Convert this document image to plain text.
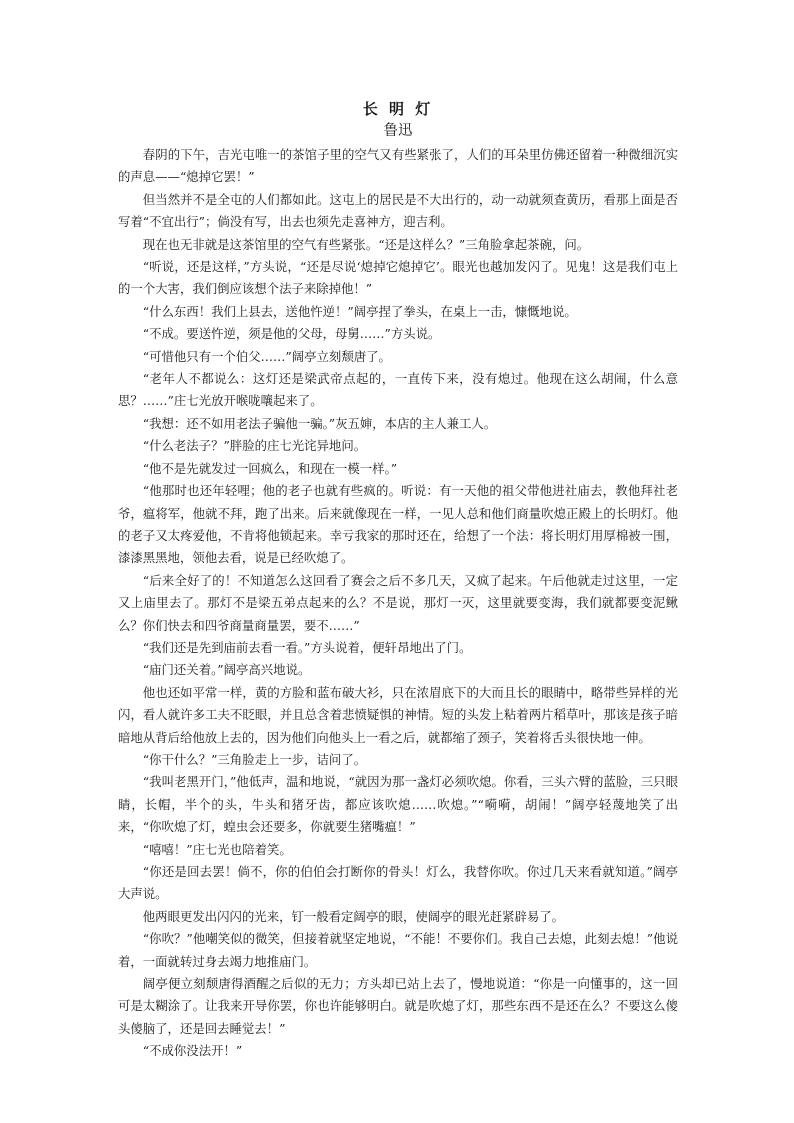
长 明 灯
鲁迅

春阴的下午，吉光屯唯一的茶馆子里的空气又有些紧张了，人们的耳朵里仿佛还留着一种微细沉实的声息——“熄掉它罢！”

但当然并不是全屯的人们都如此。这屯上的居民是不大出行的，动一动就须查黄历，看那上面是否写着“不宜出行”；倘没有写，出去也须先走喜神方，迎吉利。

现在也无非就是这茶馆里的空气有些紧张。“还是这样么？”三角脸拿起茶碗，问。

“听说，还是这样，”方头说，“还是尽说‘熄掉它熄掉它’。眼光也越加发闪了。见鬼！这是我们屯上的一个大害，我们倒应该想个法子来除掉他！”

“什么东西！我们上县去，送他忤逆！”阔亭捏了拳头，在桌上一击，慷慨地说。

“不成。要送忤逆，须是他的父母，母舅……”方头说。

“可惜他只有一个伯父……”阔亭立刻颓唐了。

“老年人不都说么：这灯还是梁武帝点起的，一直传下来，没有熄过。他现在这么胡闹，什么意思？……”庄七光放开喉咙嚷起来了。

“我想：还不如用老法子骗他一骗。”灰五婶，本店的主人兼工人。

“什么老法子？”胖脸的庄七光诧异地问。

“他不是先就发过一回疯么，和现在一模一样。”

“他那时也还年轻哩；他的老子也就有些疯的。听说：有一天他的祖父带他进社庙去，教他拜社老爷，瘟将军，他就不拜，跑了出来。后来就像现在一样，一见人总和他们商量吹熄正殿上的长明灯。他的老子又太疼爱他，不肯将他锁起来。幸亏我家的那时还在，给想了一个法：将长明灯用厚棉被一围，漆漆黑黑地，领他去看，说是已经吹熄了。

“后来全好了的！不知道怎么这回看了赛会之后不多几天，又疯了起来。午后他就走过这里，一定又上庙里去了。那灯不是梁五弟点起来的么？不是说，那灯一灭，这里就要变海，我们就都要变泥鳅么？你们快去和四爷商量商量罢，要不……”

“我们还是先到庙前去看一看。”方头说着，便轩昂地出了门。

“庙门还关着。”阔亭高兴地说。

他也还如平常一样，黄的方脸和蓝布破大衫，只在浓眉底下的大而且长的眼睛中，略带些异样的光闪，看人就许多工夫不眨眼，并且总含着悲愤疑惧的神情。短的头发上粘着两片稻草叶，那该是孩子暗暗地从背后给他放上去的，因为他们向他头上一看之后，就都缩了颈子，笑着将舌头很快地一伸。

“你干什么？”三角脸走上一步，诘问了。

“我叫老黑开门，”他低声，温和地说，“就因为那一盏灯必须吹熄。你看，三头六臂的蓝脸，三只眼睛，长帽，半个的头，牛头和猪牙齿，都应该吹熄……吹熄。”“嗬嗬，胡闹！”阔亭轻蔑地笑了出来，“你吹熄了灯，蝗虫会还要多，你就要生猪嘴瘟！”

“嘻嘻！”庄七光也陪着笑。

“你还是回去罢！倘不，你的伯伯会打断你的骨头！灯么，我替你吹。你过几天来看就知道。”阔亭大声说。

他两眼更发出闪闪的光来，钉一般看定阔亭的眼，使阔亭的眼光赶紧辟易了。

“你吹？”他嘲笑似的微笑，但接着就坚定地说，“不能！不要你们。我自己去熄，此刻去熄！”他说着，一面就转过身去竭力地推庙门。

阔亭便立刻颓唐得酒醒之后似的无力；方头却已站上去了，慢地说道：“你是一向懂事的，这一回可是太糊涂了。让我来开导你罢，你也许能够明白。就是吹熄了灯，那些东西不是还在么？不要这么傻头傻脑了，还是回去睡觉去！”

“不成你没法开！”
